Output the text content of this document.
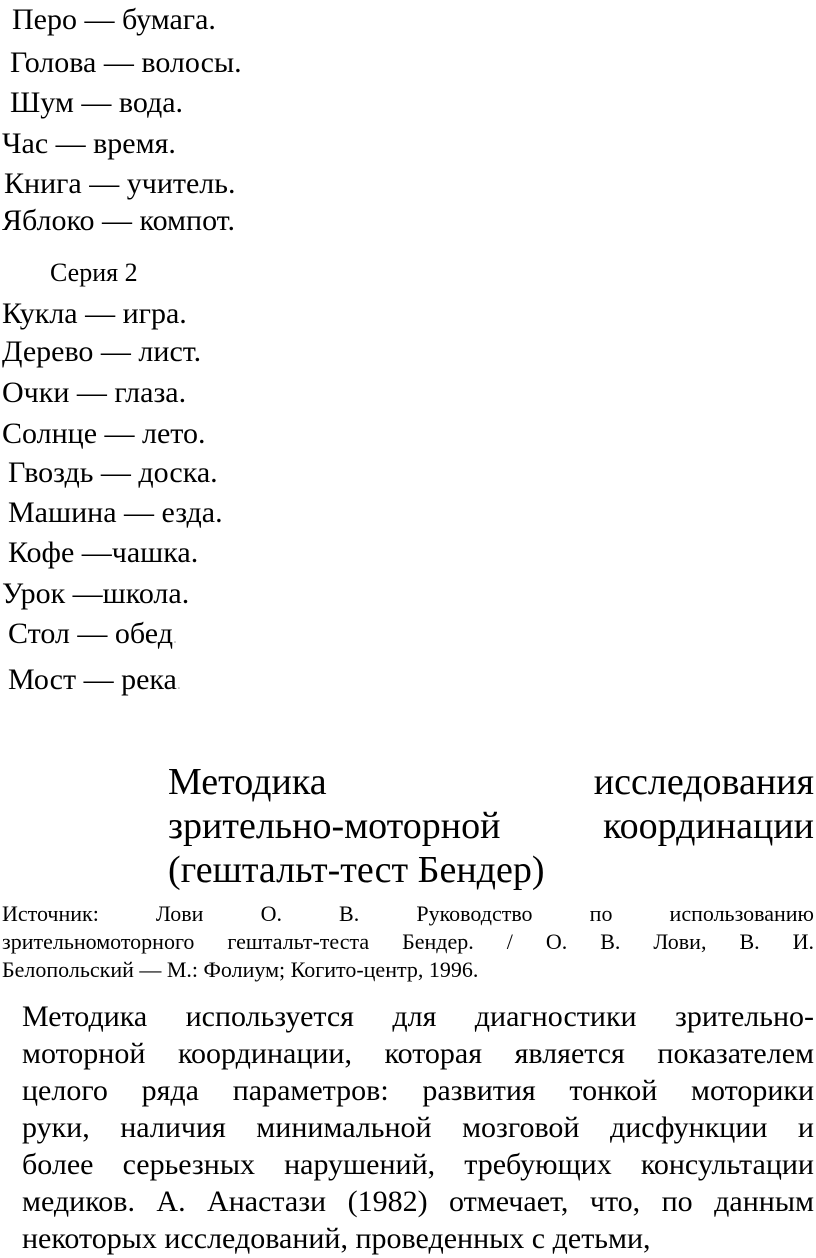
Перо — бумага.
Голова — волосы.
Шум — вода.
Час — время.
Книга — учитель.
Яблоко — компот.
Серия 2
Кукла — игра.
Дерево — лист.
Очки — глаза.
Солнце — лето.
Гвоздь — доска.
Машина — езда.
Кофе —чашка.
Урок —школа.
Стол — обед.
Мост — река.
Методика исследования
зрительно-моторной координации
(гештальт-тест Бендер)
Источник: Лови О. В. Руководство по использованию
зрительномоторного гештальт-теста Бендер. / О. В. Лови, В. И.
Белопольский — М.: Фолиум; Когито-центр, 1996.
Методика используется для диагностики зрительно-
моторной координации, которая является показателем
целого ряда параметров: развития тонкой моторики
руки, наличия минимальной мозговой дисфункции и
более серьезных нарушений, требующих консультации
медиков. А. Анастази (1982) отмечает, что, по данным
некоторых исследований, проведенных с детьми,
